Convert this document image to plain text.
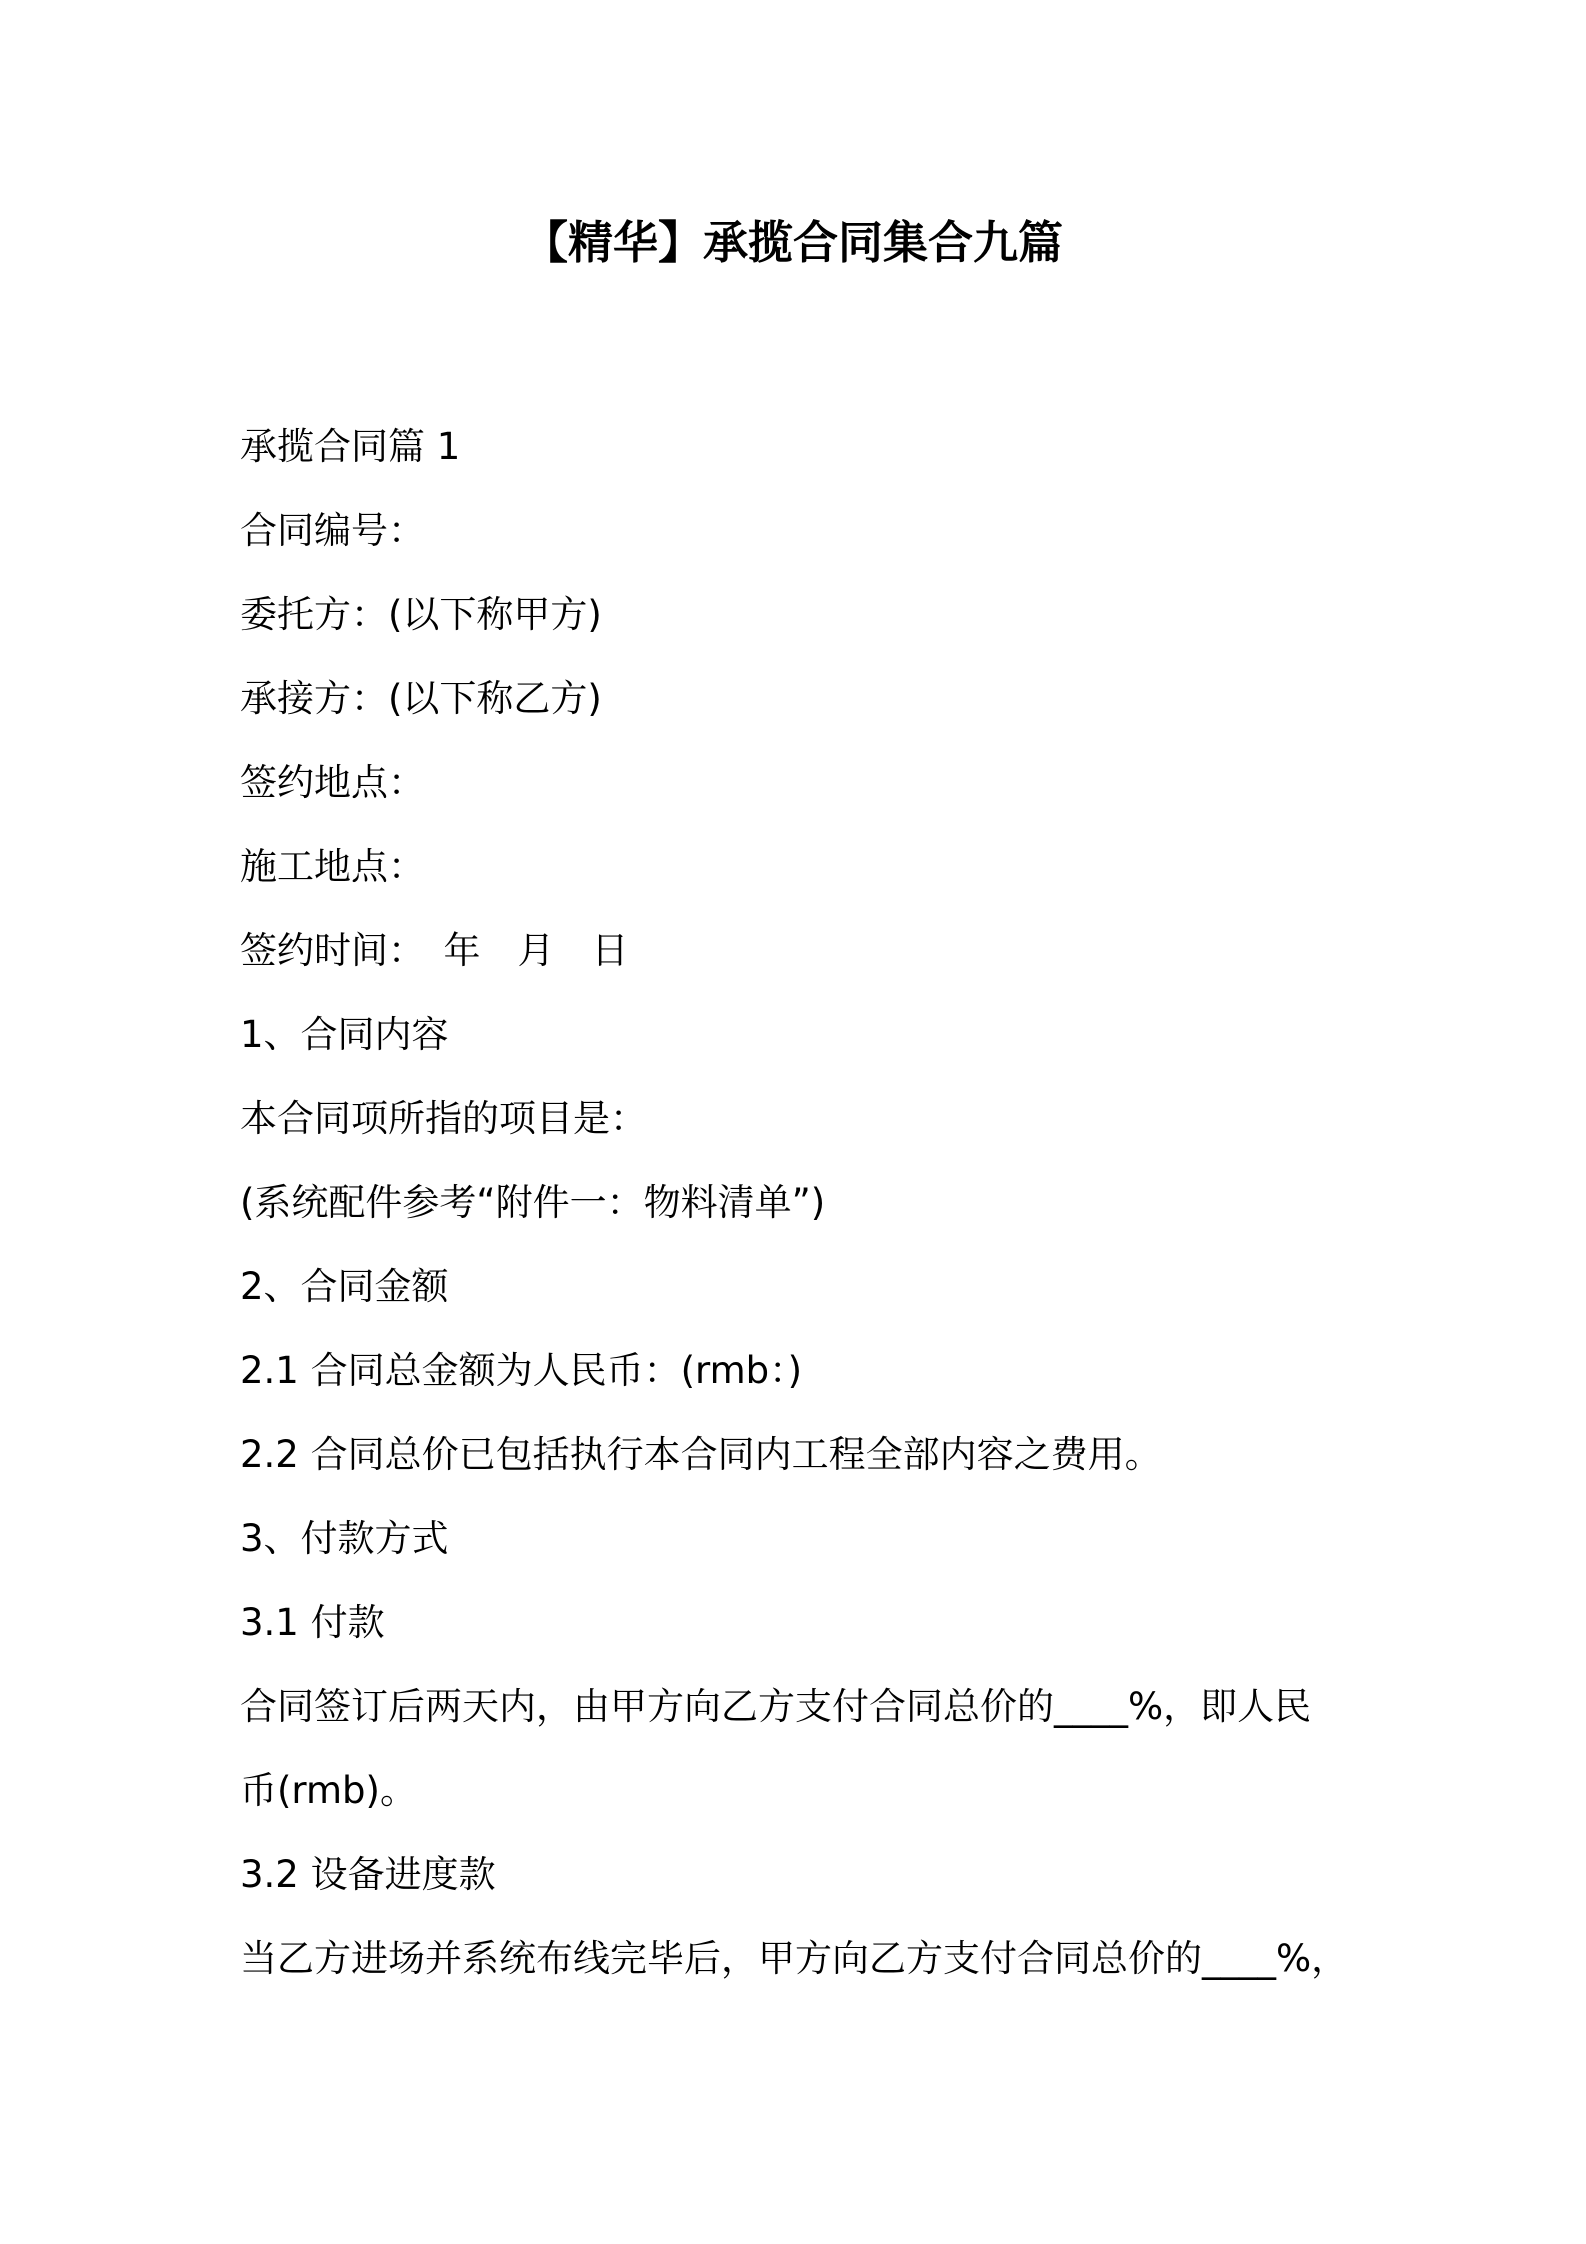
【精华】承揽合同集合九篇
承揽合同篇 1
合同编号：
委托方：(以下称甲方)
承接方：(以下称乙方)
签约地点：
施工地点：
签约时间：　年　月　日
1、合同内容
本合同项所指的项目是：
(系统配件参考“附件一：物料清单”)
2、合同金额
2.1 合同总金额为人民币：(rmb：)
2.2 合同总价已包括执行本合同内工程全部内容之费用。
3、付款方式
3.1 付款
合同签订后两天内，由甲方向乙方支付合同总价的____%，即人民
币(rmb)。
3.2 设备进度款
当乙方进场并系统布线完毕后，甲方向乙方支付合同总价的____%，
